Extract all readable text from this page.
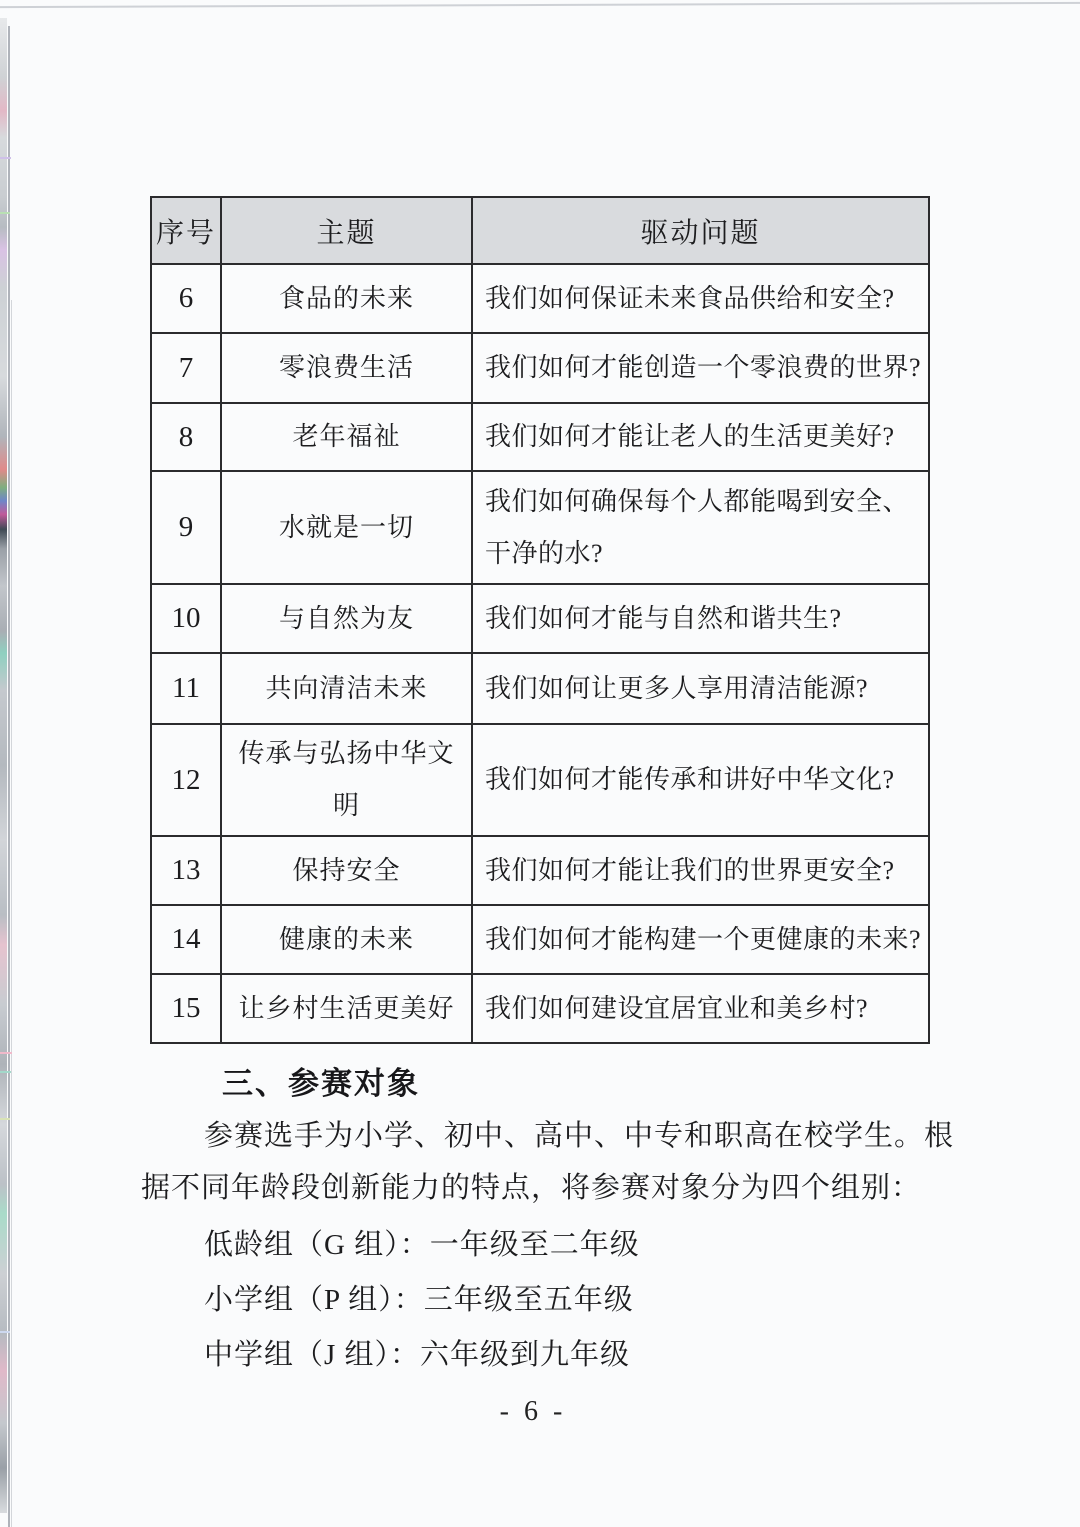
序号	主题	驱动问题
6	食品的未来	我们如何保证未来食品供给和安全?
7	零浪费生活	我们如何才能创造一个零浪费的世界?
8	老年福祉	我们如何才能让老人的生活更美好?
9	水就是一切	我们如何确保每个人都能喝到安全、干净的水?
10	与自然为友	我们如何才能与自然和谐共生?
11	共向清洁未来	我们如何让更多人享用清洁能源?
12	传承与弘扬中华文明	我们如何才能传承和讲好中华文化?
13	保持安全	我们如何才能让我们的世界更安全?
14	健康的未来	我们如何才能构建一个更健康的未来?
15	让乡村生活更美好	我们如何建设宜居宜业和美乡村?
三、参赛对象
参赛选手为小学、初中、高中、中专和职高在校学生。根
据不同年龄段创新能力的特点，将参赛对象分为四个组别：
低龄组（G 组）：一年级至二年级
小学组（P 组）：三年级至五年级
中学组（J 组）：六年级到九年级
- 6 -
